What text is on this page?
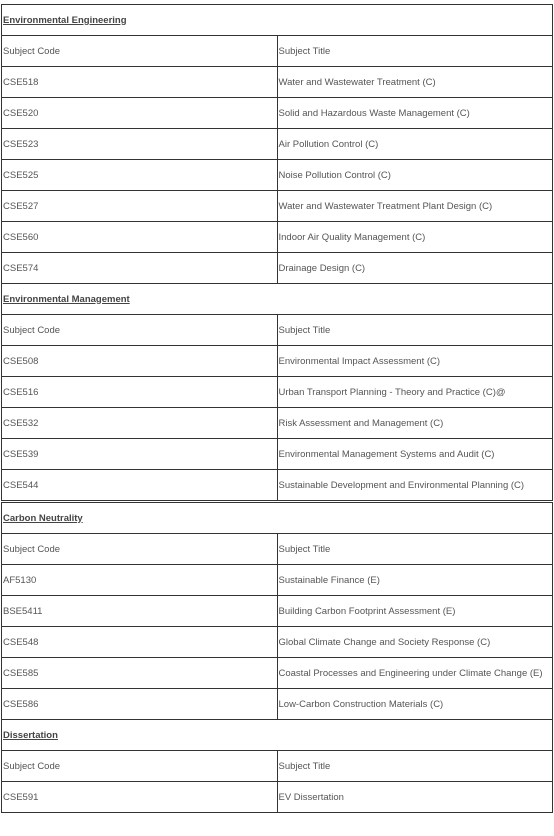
Environmental Engineering	
Subject Code	Subject Title
CSE518	Water and Wastewater Treatment (C)
CSE520	Solid and Hazardous Waste Management (C)
CSE523	Air Pollution Control (C)
CSE525	Noise Pollution Control (C)
CSE527	Water and Wastewater Treatment Plant Design (C)
CSE560	Indoor Air Quality Management (C)
CSE574	Drainage Design (C)
Environmental Management	
Subject Code	Subject Title
CSE508	Environmental Impact Assessment (C)
CSE516	Urban Transport Planning - Theory and Practice (C)@
CSE532	Risk Assessment and Management (C)
CSE539	Environmental Management Systems and Audit (C)
CSE544	Sustainable Development and Environmental Planning (C)
Carbon Neutrality	
Subject Code	Subject Title
AF5130	Sustainable Finance (E)
BSE5411	Building Carbon Footprint Assessment (E)
CSE548	Global Climate Change and Society Response (C)
CSE585	Coastal Processes and Engineering under Climate Change (E)
CSE586	Low-Carbon Construction Materials (C)
Dissertation	
Subject Code	Subject Title
CSE591	EV Dissertation
